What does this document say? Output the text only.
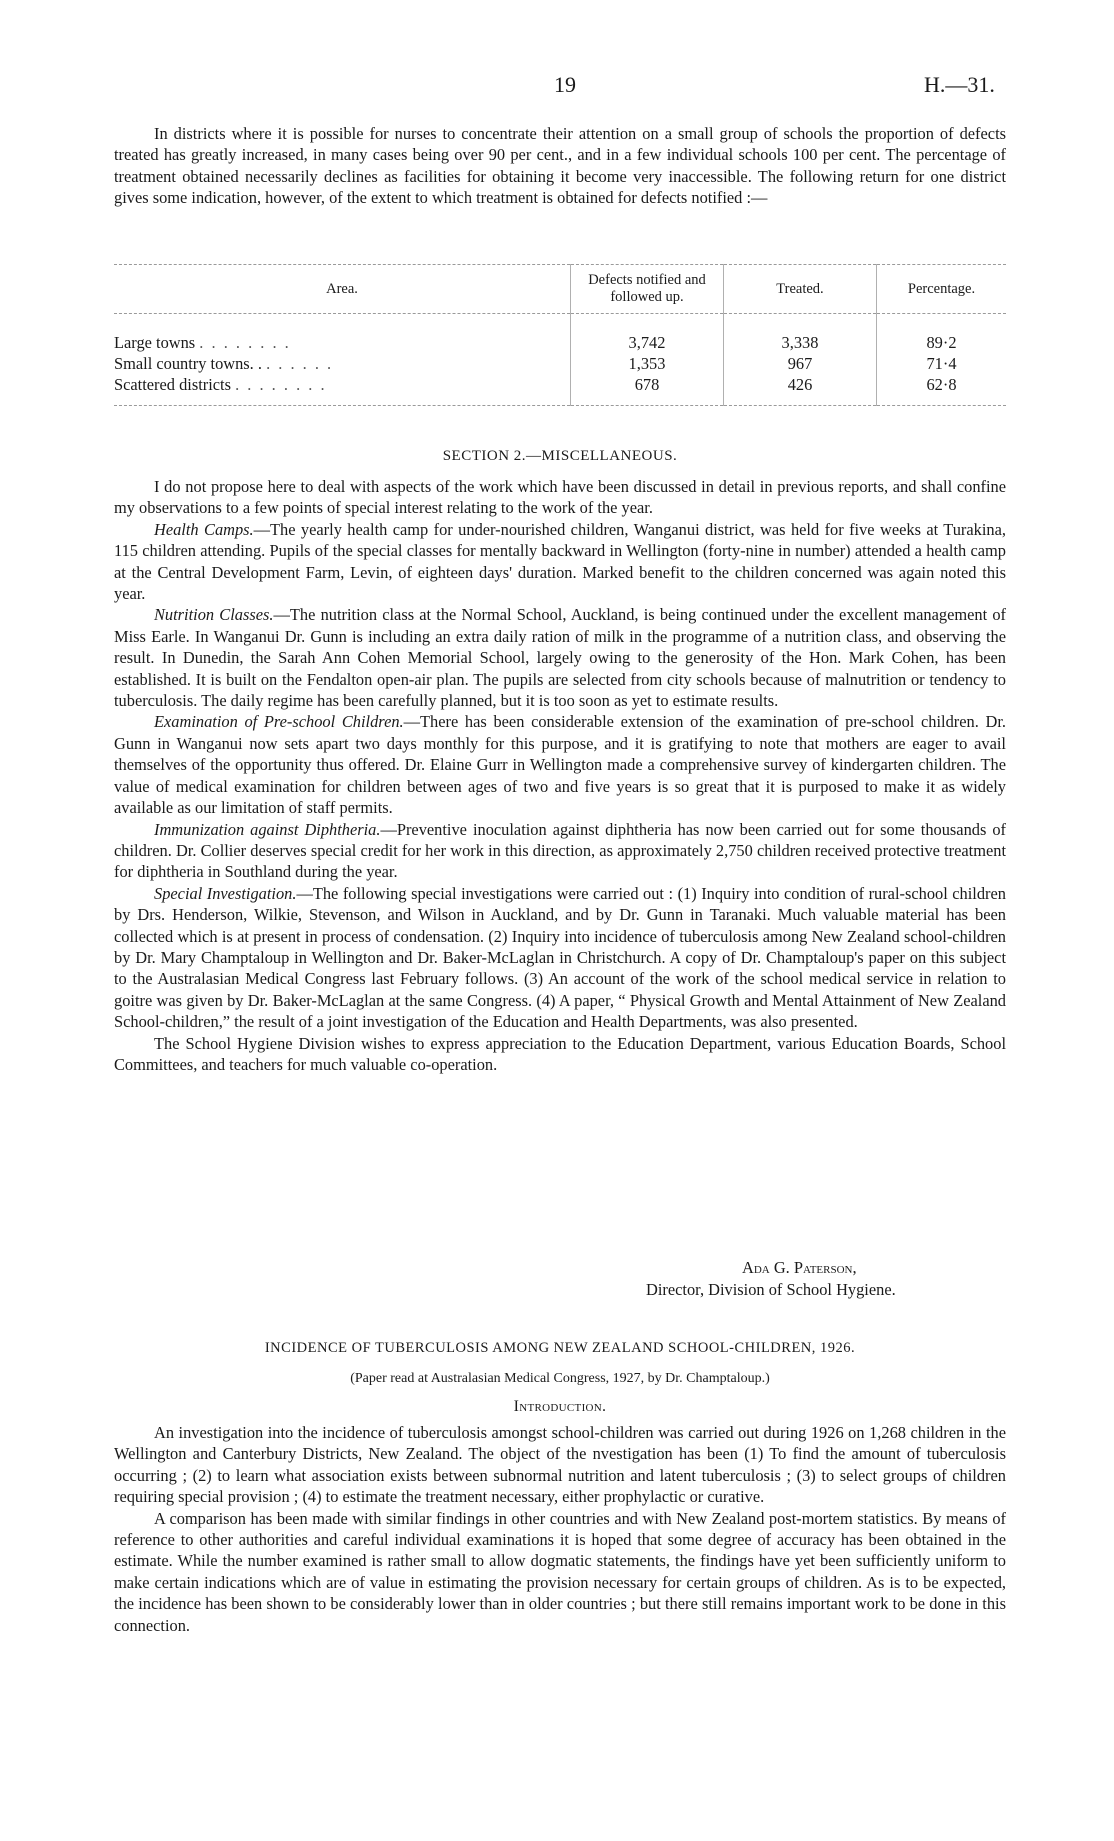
19	H.—31.

In districts where it is possible for nurses to concentrate their attention on a small group of schools the proportion of defects treated has greatly increased, in many cases being over 90 per cent., and in a few individual schools 100 per cent. The percentage of treatment obtained necessarily declines as facilities for obtaining it become very inaccessible. The following return for one district gives some indication, however, of the extent to which treatment is obtained for defects notified :—

Area.	Defects notified and followed up.	Treated.	Percentage.
Large towns . . . . . . . .	3,742	3,338	89·2
Small country towns. . . . . . . .	1,353	967	71·4
Scattered districts . . . . . . . .	678	426	62·8
SECTION 2.—MISCELLANEOUS.

I do not propose here to deal with aspects of the work which have been discussed in detail in previous reports, and shall confine my observations to a few points of special interest relating to the work of the year.

Health Camps.—The yearly health camp for under-nourished children, Wanganui district, was held for five weeks at Turakina, 115 children attending. Pupils of the special classes for mentally backward in Wellington (forty-nine in number) attended a health camp at the Central Development Farm, Levin, of eighteen days' duration. Marked benefit to the children concerned was again noted this year.

Nutrition Classes.—The nutrition class at the Normal School, Auckland, is being continued under the excellent management of Miss Earle. In Wanganui Dr. Gunn is including an extra daily ration of milk in the programme of a nutrition class, and observing the result. In Dunedin, the Sarah Ann Cohen Memorial School, largely owing to the generosity of the Hon. Mark Cohen, has been established. It is built on the Fendalton open-air plan. The pupils are selected from city schools because of malnutrition or tendency to tuberculosis. The daily regime has been carefully planned, but it is too soon as yet to estimate results.

Examination of Pre-school Children.—There has been considerable extension of the examination of pre-school children. Dr. Gunn in Wanganui now sets apart two days monthly for this purpose, and it is gratifying to note that mothers are eager to avail themselves of the opportunity thus offered. Dr. Elaine Gurr in Wellington made a comprehensive survey of kindergarten children. The value of medical examination for children between ages of two and five years is so great that it is purposed to make it as widely available as our limitation of staff permits.

Immunization against Diphtheria.—Preventive inoculation against diphtheria has now been carried out for some thousands of children. Dr. Collier deserves special credit for her work in this direction, as approximately 2,750 children received protective treatment for diphtheria in Southland during the year.

Special Investigation.—The following special investigations were carried out : (1) Inquiry into condition of rural-school children by Drs. Henderson, Wilkie, Stevenson, and Wilson in Auckland, and by Dr. Gunn in Taranaki. Much valuable material has been collected which is at present in process of condensation. (2) Inquiry into incidence of tuberculosis among New Zealand school-children by Dr. Mary Champtaloup in Wellington and Dr. Baker-McLaglan in Christchurch. A copy of Dr. Champtaloup's paper on this subject to the Australasian Medical Congress last February follows. (3) An account of the work of the school medical service in relation to goitre was given by Dr. Baker-McLaglan at the same Congress. (4) A paper, “ Physical Growth and Mental Attainment of New Zealand School-children,” the result of a joint investigation of the Education and Health Departments, was also presented.

The School Hygiene Division wishes to express appreciation to the Education Department, various Education Boards, School Committees, and teachers for much valuable co-operation.

Ada G. Paterson,
Director, Division of School Hygiene.
INCIDENCE OF TUBERCULOSIS AMONG NEW ZEALAND SCHOOL-CHILDREN, 1926.
(Paper read at Australasian Medical Congress, 1927, by Dr. Champtaloup.)
Introduction.

An investigation into the incidence of tuberculosis amongst school-children was carried out during 1926 on 1,268 children in the Wellington and Canterbury Districts, New Zealand. The object of the nvestigation has been (1) To find the amount of tuberculosis occurring ; (2) to learn what association exists between subnormal nutrition and latent tuberculosis ; (3) to select groups of children requiring special provision ; (4) to estimate the treatment necessary, either prophylactic or curative.

A comparison has been made with similar findings in other countries and with New Zealand post-mortem statistics. By means of reference to other authorities and careful individual examinations it is hoped that some degree of accuracy has been obtained in the estimate. While the number examined is rather small to allow dogmatic statements, the findings have yet been sufficiently uniform to make certain indications which are of value in estimating the provision necessary for certain groups of children. As is to be expected, the incidence has been shown to be considerably lower than in older countries ; but there still remains important work to be done in this connection.
